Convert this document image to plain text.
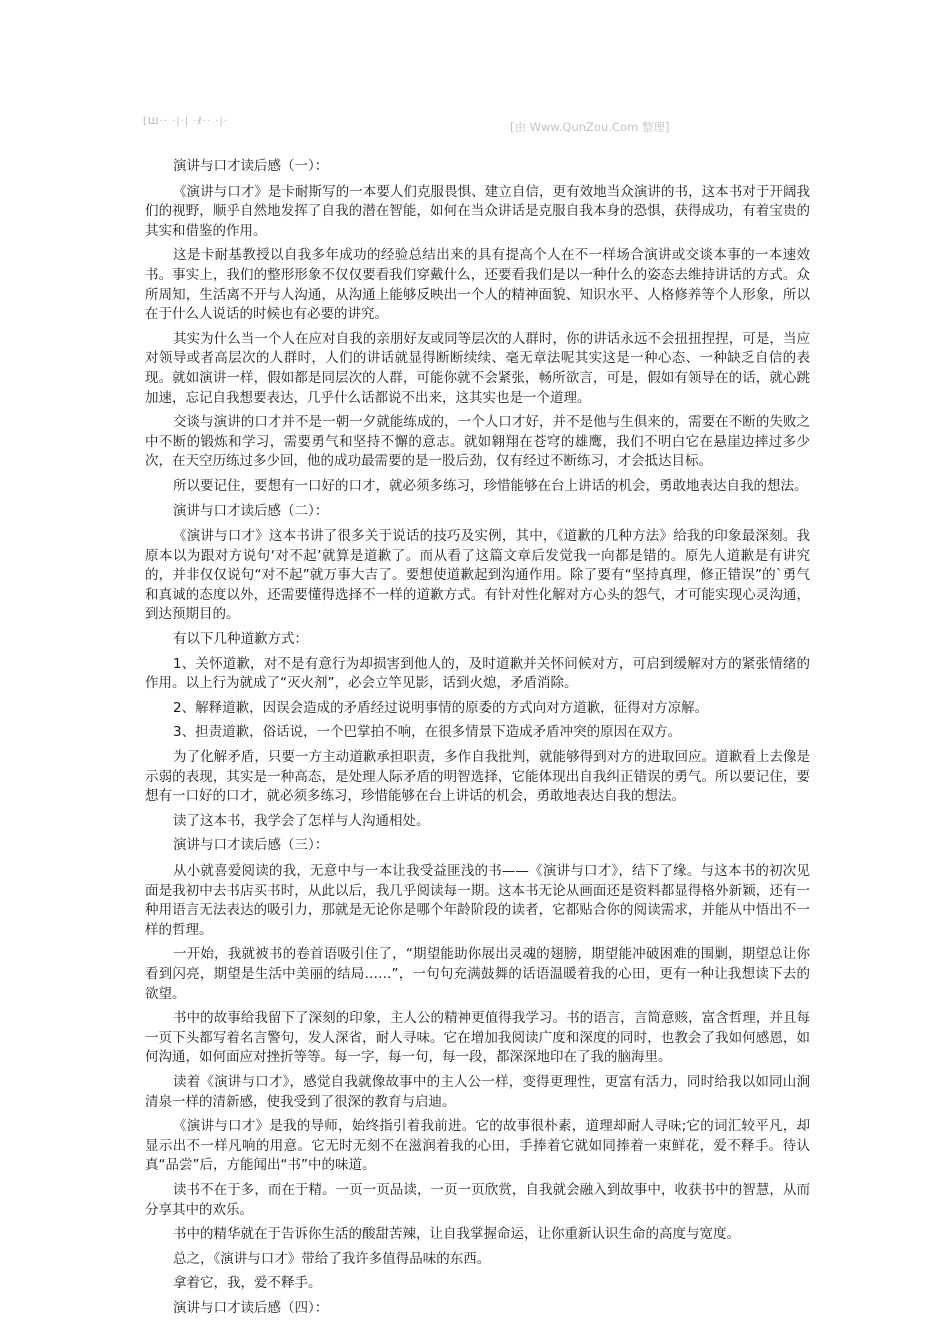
[Ш·· ·|·| ·ℓ·· ·|·	[由 Www.QunZou.Com 整理]

演讲与口才读后感（一）：

《演讲与口才》是卡耐斯写的一本要人们克服畏惧、建立自信，更有效地当众演讲的书，这本书对于开阔我们的视野，顺乎自然地发挥了自我的潜在智能，如何在当众讲话是克服自我本身的恐惧，获得成功，有着宝贵的其实和借鉴的作用。

这是卡耐基教授以自我多年成功的经验总结出来的具有提高个人在不一样场合演讲或交谈本事的一本速效书。事实上，我们的整形形象不仅仅要看我们穿戴什么，还要看我们是以一种什么的姿态去维持讲话的方式。众所周知，生活离不开与人沟通，从沟通上能够反映出一个人的精神面貌、知识水平、人格修养等个人形象，所以在于什么人说话的时候也有必要的讲究。

其实为什么当一个人在应对自我的亲朋好友或同等层次的人群时，你的讲话永远不会扭扭捏捏，可是，当应对领导或者高层次的人群时，人们的讲话就显得断断续续、毫无章法呢其实这是一种心态、一种缺乏自信的表现。就如演讲一样，假如都是同层次的人群，可能你就不会紧张，畅所欲言，可是，假如有领导在的话，就心跳加速，忘记自我想要表达，几乎什么话都说不出来，这其实也是一个道理。

交谈与演讲的口才并不是一朝一夕就能练成的，一个人口才好，并不是他与生俱来的，需要在不断的失败之中不断的锻炼和学习，需要勇气和坚持不懈的意志。就如翱翔在苍穹的雄鹰，我们不明白它在悬崖边摔过多少次，在天空历练过多少回，他的成功最需要的是一股后劲，仅有经过不断练习，才会抵达目标。

所以要记住，要想有一口好的口才，就必须多练习，珍惜能够在台上讲话的机会，勇敢地表达自我的想法。

演讲与口才读后感（二）：

《演讲与口才》这本书讲了很多关于说话的技巧及实例，其中，《道歉的几种方法》给我的印象最深刻。我原本以为跟对方说句‘对不起’就算是道歉了。而从看了这篇文章后发觉我一向都是错的。原先人道歉是有讲究的，并非仅仅说句“对不起”就万事大吉了。要想使道歉起到沟通作用。除了要有“坚持真理，修正错误”的`勇气和真诚的态度以外，还需要懂得选择不一样的道歉方式。有针对性化解对方心头的怨气，才可能实现心灵沟通，到达预期目的。

有以下几种道歉方式：

1、关怀道歉，对不是有意行为却损害到他人的，及时道歉并关怀问候对方，可启到缓解对方的紧张情绪的作用。以上行为就成了“灭火剂”，必会立竿见影，话到火熄，矛盾消除。

2、解释道歉，因误会造成的矛盾经过说明事情的原委的方式向对方道歉，征得对方凉解。

3、担责道歉，俗话说，一个巴掌拍不响，在很多情景下造成矛盾冲突的原因在双方。

为了化解矛盾，只要一方主动道歉承担职责，多作自我批判，就能够得到对方的进取回应。道歉看上去像是示弱的表现，其实是一种高态，是处理人际矛盾的明智选择，它能体现出自我纠正错误的勇气。所以要记住，要想有一口好的口才，就必须多练习，珍惜能够在台上讲话的机会，勇敢地表达自我的想法。

读了这本书，我学会了怎样与人沟通相处。

演讲与口才读后感（三）：

从小就喜爱阅读的我，无意中与一本让我受益匪浅的书——《演讲与口才》，结下了缘。与这本书的初次见面是我初中去书店买书时，从此以后，我几乎阅读每一期。这本书无论从画面还是资料都显得格外新颖，还有一种用语言无法表达的吸引力，那就是无论你是哪个年龄阶段的读者，它都贴合你的阅读需求，并能从中悟出不一样的哲理。

一开始，我就被书的卷首语吸引住了，“期望能助你展出灵魂的翅膀，期望能冲破困难的围剿，期望总让你看到闪亮，期望是生活中美丽的结局……”，一句句充满鼓舞的话语温暖着我的心田，更有一种让我想读下去的欲望。

书中的故事给我留下了深刻的印象，主人公的精神更值得我学习。书的语言，言简意赅，富含哲理，并且每一页下头都写着名言警句，发人深省，耐人寻味。它在增加我阅读广度和深度的同时，也教会了我如何感恩，如何沟通，如何面应对挫折等等。每一字，每一句，每一段，都深深地印在了我的脑海里。

读着《演讲与口才》，感觉自我就像故事中的主人公一样，变得更理性，更富有活力，同时给我以如同山涧清泉一样的清新感，使我受到了很深的教育与启迪。

《演讲与口才》是我的导师，始终指引着我前进。它的故事很朴素，道理却耐人寻味;它的词汇较平凡，却显示出不一样凡响的用意。它无时无刻不在滋润着我的心田，手捧着它就如同捧着一束鲜花，爱不释手。待认真“品尝”后，方能闻出“书”中的味道。

读书不在于多，而在于精。一页一页品读，一页一页欣赏，自我就会融入到故事中，收获书中的智慧，从而分享其中的欢乐。

书中的精华就在于告诉你生活的酸甜苦辣，让自我掌握命运，让你重新认识生命的高度与宽度。

总之，《演讲与口才》带给了我许多值得品味的东西。

拿着它，我，爱不释手。

演讲与口才读后感（四）：
